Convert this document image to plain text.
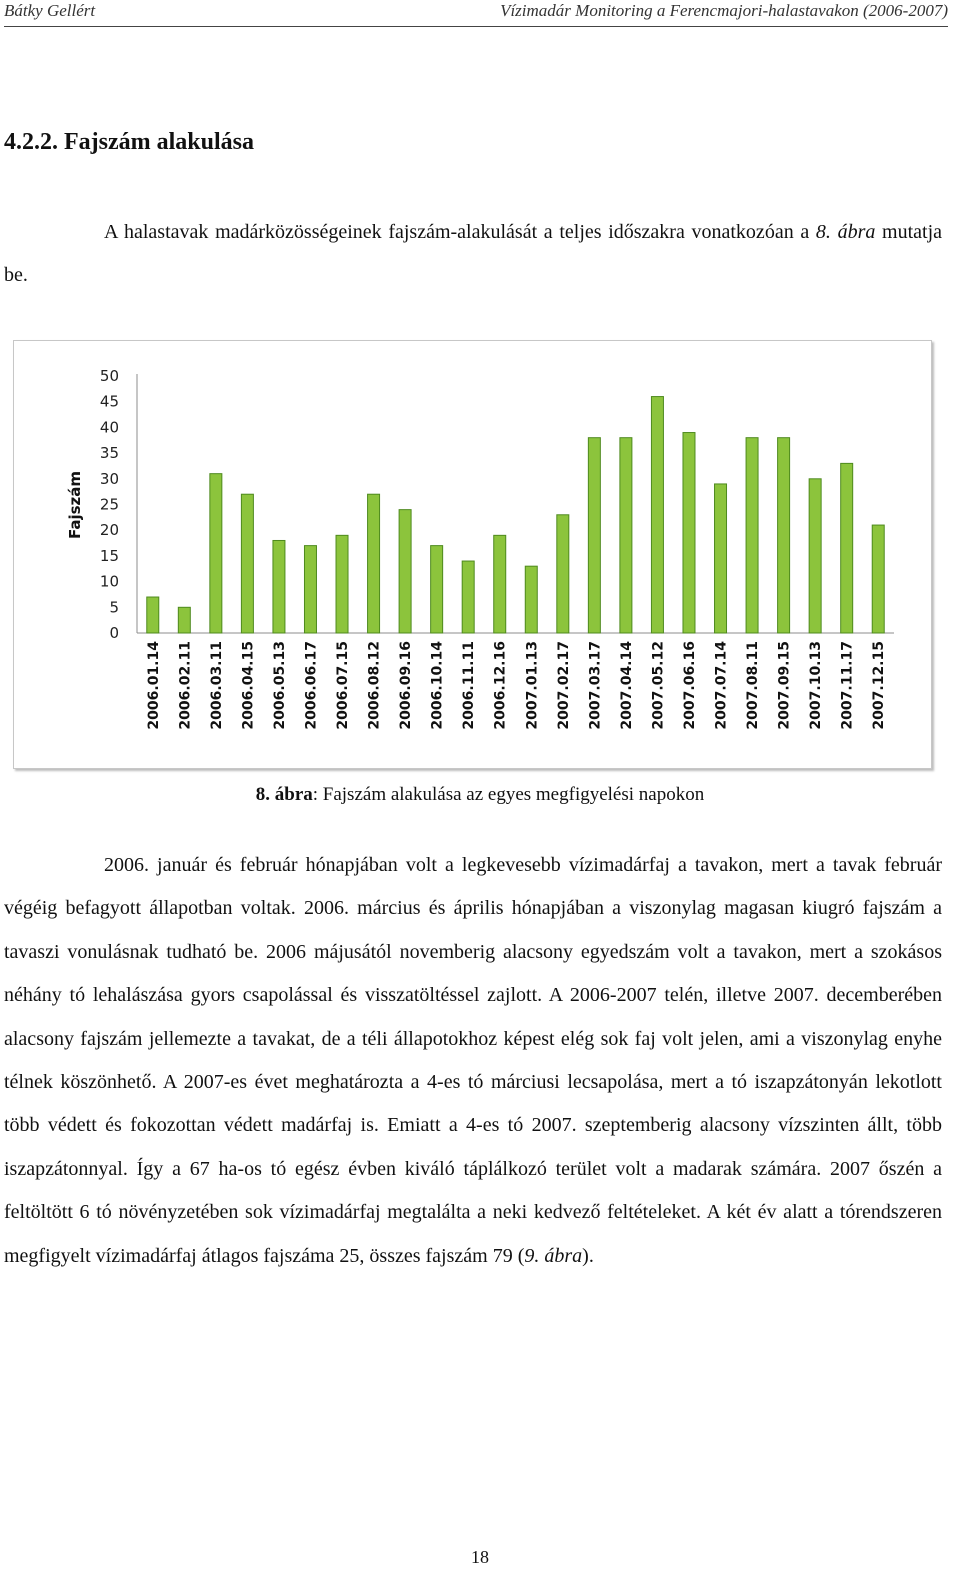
Bátky Gellért	Vízimadár Monitoring a Ferencmajori-halastavakon (2006-2007)
4.2.2. Fajszám alakulása

A halastavak madárközösségeinek fajszám-alakulását a teljes időszakra vonatkozóan a 8. ábra mutatja be.

0
5
10
15
20
25
30
35
40
45
50
Fajszám
2006.01.14 2006.02.11 2006.03.11 2006.04.15 2006.05.13 2006.06.17 2006.07.15 2006.08.12 2006.09.16 2006.10.14 2006.11.11 2006.12.16 2007.01.13 2007.02.17 2007.03.17 2007.04.14 2007.05.12 2007.06.16 2007.07.14 2007.08.11 2007.09.15 2007.10.13 2007.11.17 2007.12.15
8. ábra: Fajszám alakulása az egyes megfigyelési napokon

2006. január és február hónapjában volt a legkevesebb vízimadárfaj a tavakon, mert a tavak február végéig befagyott állapotban voltak. 2006. március és április hónapjában a viszonylag magasan kiugró fajszám a tavaszi vonulásnak tudható be. 2006 májusától novemberig alacsony egyedszám volt a tavakon, mert a szokásos néhány tó lehalászása gyors csapolással és visszatöltéssel zajlott. A 2006-2007 telén, illetve 2007. decemberében alacsony fajszám jellemezte a tavakat, de a téli állapotokhoz képest elég sok faj volt jelen, ami a viszonylag enyhe télnek köszönhető. A 2007-es évet meghatározta a 4-es tó márciusi lecsapolása, mert a tó iszapzátonyán lekotlott több védett és fokozottan védett madárfaj is. Emiatt a 4-es tó 2007. szeptemberig alacsony vízszinten állt, több iszapzátonnyal. Így a 67 ha-os tó egész évben kiváló táplálkozó terület volt a madarak számára. 2007 őszén a feltöltött 6 tó növényzetében sok vízimadárfaj megtalálta a neki kedvező feltételeket. A két év alatt a tórendszeren megfigyelt vízimadárfaj átlagos fajszáma 25, összes fajszám 79 (9. ábra).

18
